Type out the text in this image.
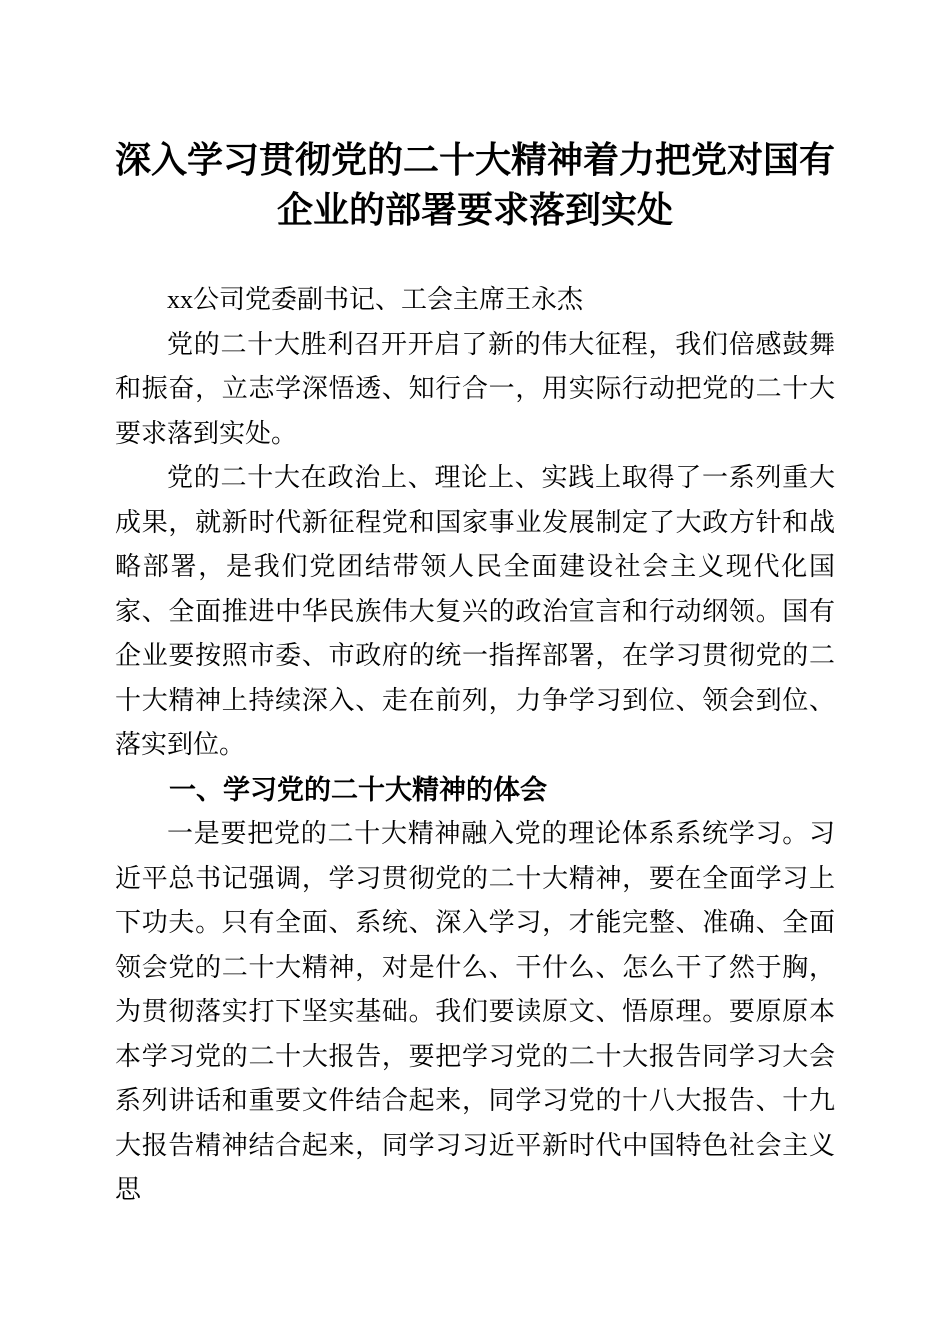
深入学习贯彻党的二十大精神着力把党对国有企业的部署要求落到实处

xx公司党委副书记、工会主席王永杰

党的二十大胜利召开开启了新的伟大征程，我们倍感鼓舞和振奋，立志学深悟透、知行合一，用实际行动把党的二十大要求落到实处。

党的二十大在政治上、理论上、实践上取得了一系列重大成果，就新时代新征程党和国家事业发展制定了大政方针和战略部署，是我们党团结带领人民全面建设社会主义现代化国家、全面推进中华民族伟大复兴的政治宣言和行动纲领。国有企业要按照市委、市政府的统一指挥部署，在学习贯彻党的二十大精神上持续深入、走在前列，力争学习到位、领会到位、落实到位。

一、学习党的二十大精神的体会

一是要把党的二十大精神融入党的理论体系系统学习。习近平总书记强调，学习贯彻党的二十大精神，要在全面学习上下功夫。只有全面、系统、深入学习，才能完整、准确、全面领会党的二十大精神，对是什么、干什么、怎么干了然于胸，为贯彻落实打下坚实基础。我们要读原文、悟原理。要原原本本学习党的二十大报告，要把学习党的二十大报告同学习大会系列讲话和重要文件结合起来，同学习党的十八大报告、十九大报告精神结合起来，同学习习近平新时代中国特色社会主义思
